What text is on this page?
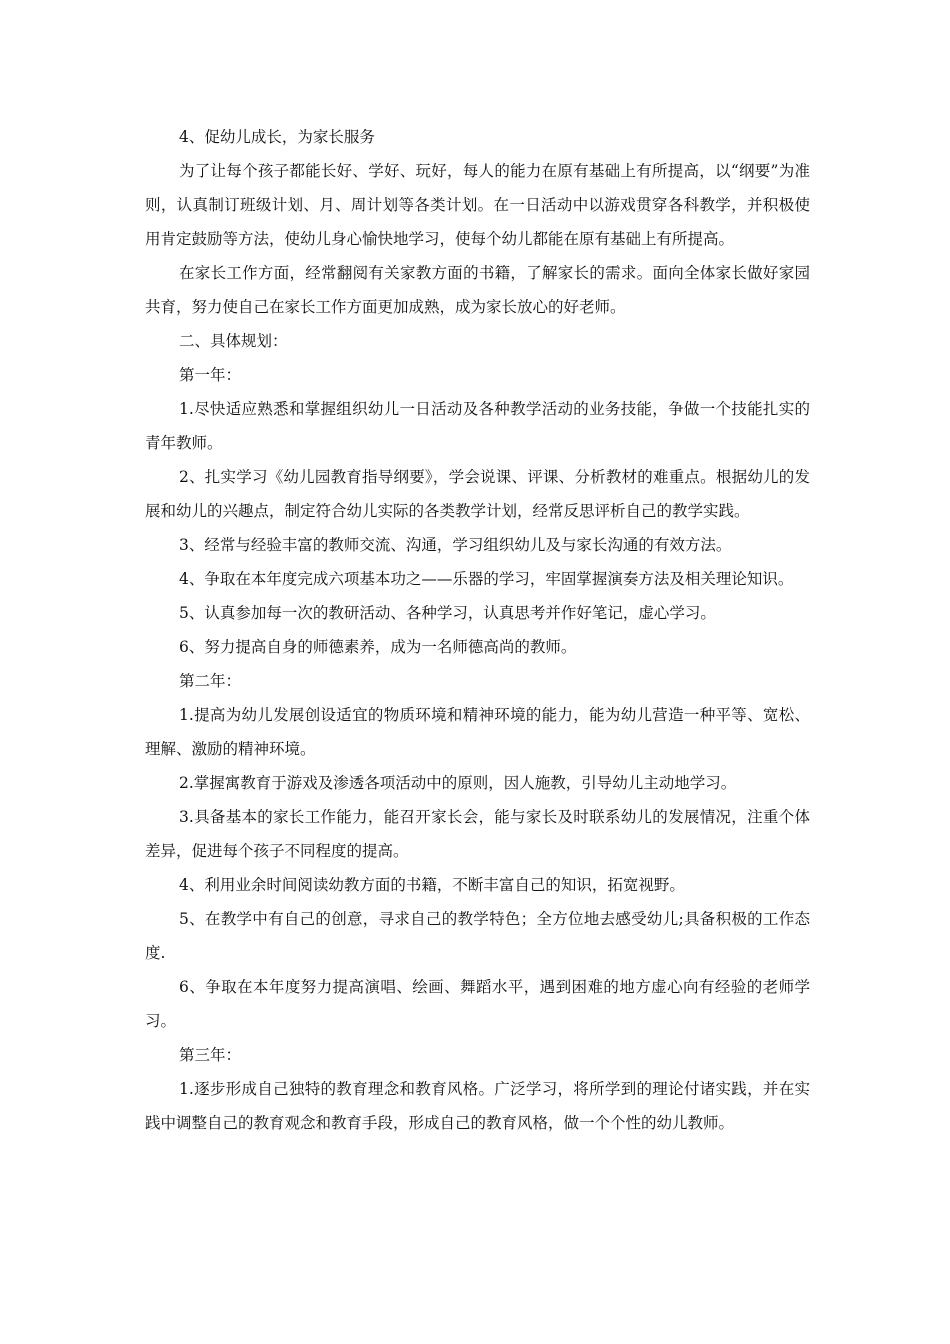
4、促幼儿成长，为家长服务

为了让每个孩子都能长好、学好、玩好，每人的能力在原有基础上有所提高，以“纲要”为准则，认真制订班级计划、月、周计划等各类计划。在一日活动中以游戏贯穿各科教学，并积极使用肯定鼓励等方法，使幼儿身心愉快地学习，使每个幼儿都能在原有基础上有所提高。

在家长工作方面，经常翻阅有关家教方面的书籍，了解家长的需求。面向全体家长做好家园共育，努力使自己在家长工作方面更加成熟，成为家长放心的好老师。

二、具体规划：

第一年：

1.尽快适应熟悉和掌握组织幼儿一日活动及各种教学活动的业务技能，争做一个技能扎实的青年教师。

2、扎实学习《幼儿园教育指导纲要》，学会说课、评课、分析教材的难重点。根据幼儿的发展和幼儿的兴趣点，制定符合幼儿实际的各类教学计划，经常反思评析自己的教学实践。

3、经常与经验丰富的教师交流、沟通，学习组织幼儿及与家长沟通的有效方法。

4、争取在本年度完成六项基本功之——乐器的学习，牢固掌握演奏方法及相关理论知识。

5、认真参加每一次的教研活动、各种学习，认真思考并作好笔记，虚心学习。

6、努力提高自身的师德素养，成为一名师德高尚的教师。

第二年：

1.提高为幼儿发展创设适宜的物质环境和精神环境的能力，能为幼儿营造一种平等、宽松、理解、激励的精神环境。

2.掌握寓教育于游戏及渗透各项活动中的原则，因人施教，引导幼儿主动地学习。

3.具备基本的家长工作能力，能召开家长会，能与家长及时联系幼儿的发展情况，注重个体差异，促进每个孩子不同程度的提高。

4、利用业余时间阅读幼教方面的书籍，不断丰富自己的知识，拓宽视野。

5、在教学中有自己的创意，寻求自己的教学特色；全方位地去感受幼儿;具备积极的工作态度.

6、争取在本年度努力提高演唱、绘画、舞蹈水平，遇到困难的地方虚心向有经验的老师学习。

第三年：

1.逐步形成自己独特的教育理念和教育风格。广泛学习，将所学到的理论付诸实践，并在实践中调整自己的教育观念和教育手段，形成自己的教育风格，做一个个性的幼儿教师。
